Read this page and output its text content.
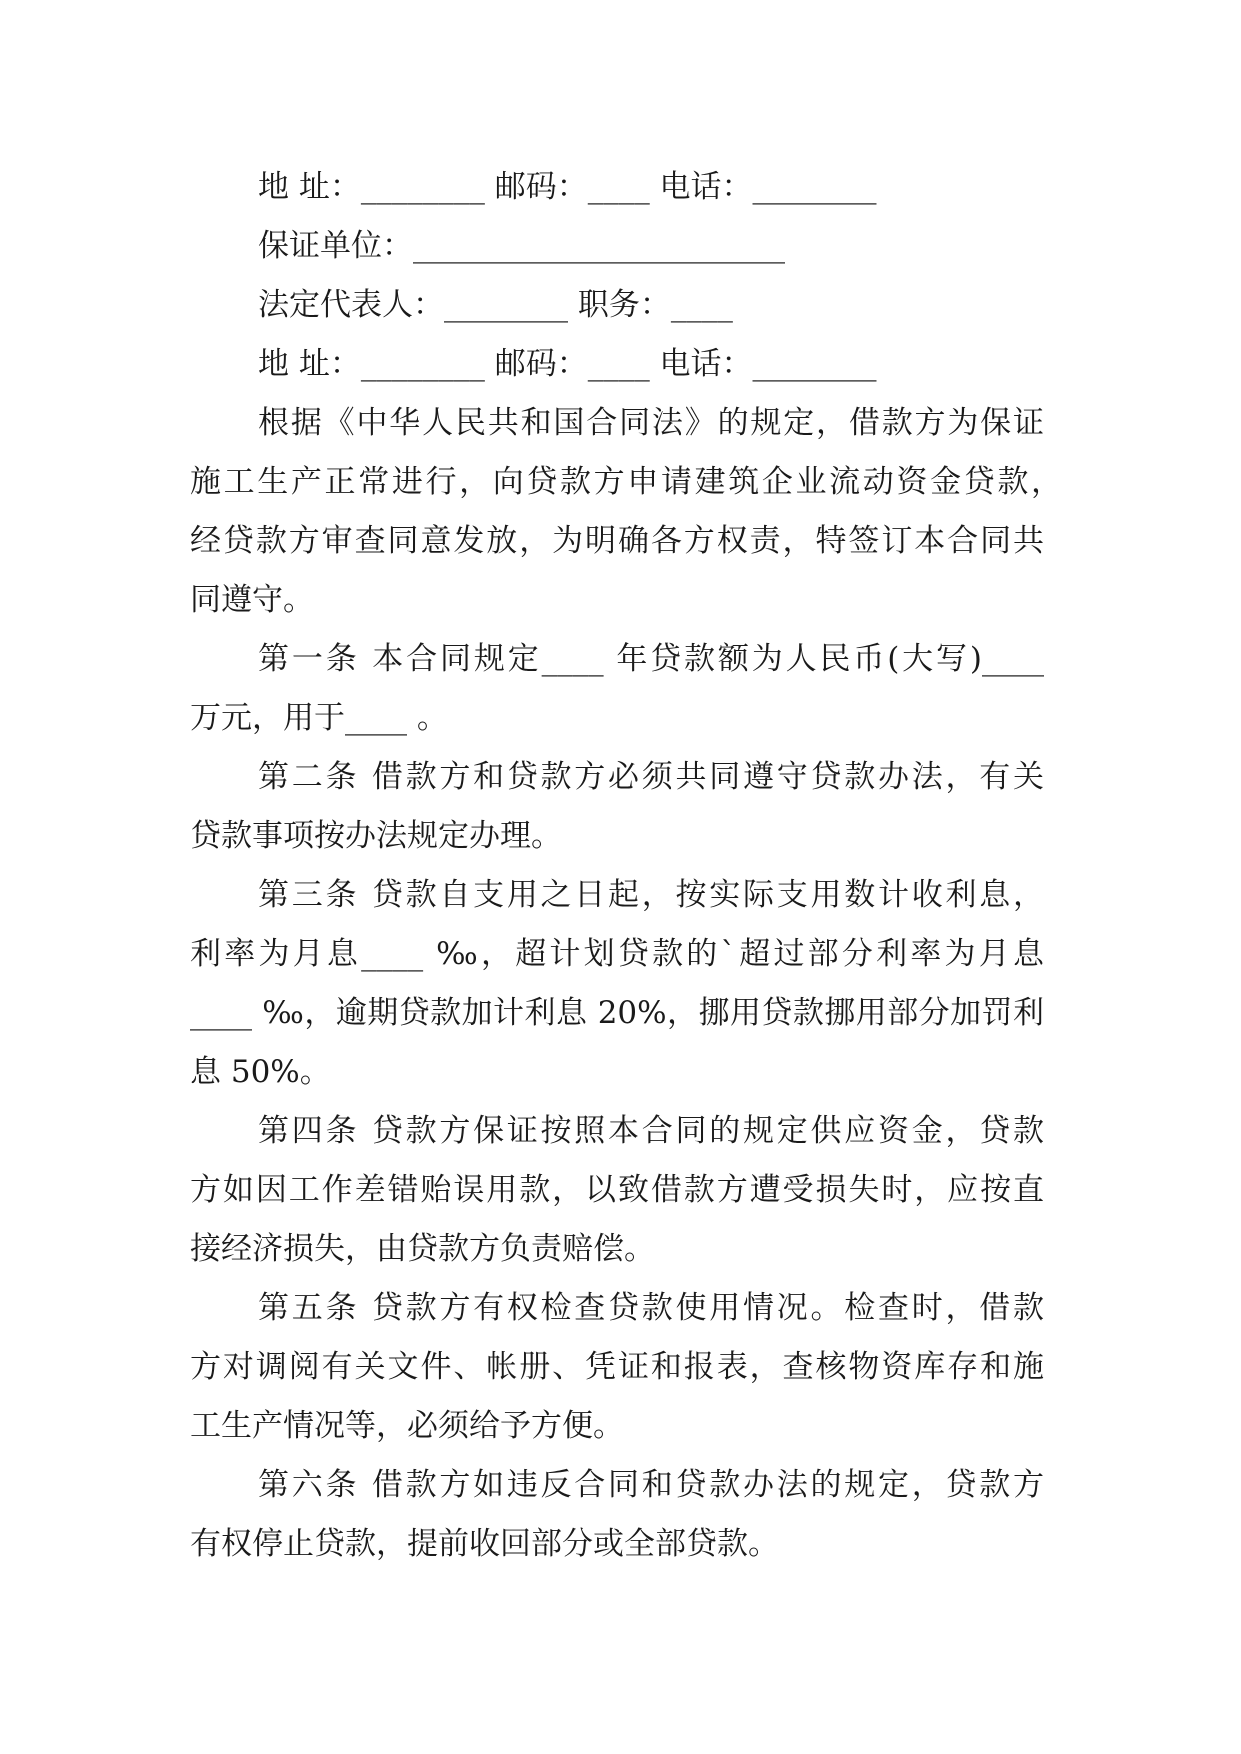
地 址：________ 邮码：____ 电话：________
保证单位：________________________
法定代表人：________ 职务：____
地 址：________ 邮码：____ 电话：________
根据《中华人民共和国合同法》的规定，借款方为保证
施工生产正常进行，向贷款方申请建筑企业流动资金贷款，
经贷款方审查同意发放，为明确各方权责，特签订本合同共
同遵守。
第一条 本合同规定____ 年贷款额为人民币(大写)____
万元，用于____ 。
第二条 借款方和贷款方必须共同遵守贷款办法，有关
贷款事项按办法规定办理。
第三条 贷款自支用之日起，按实际支用数计收利息，
利率为月息____ ‰，超计划贷款的`超过部分利率为月息
____ ‰，逾期贷款加计利息 20%，挪用贷款挪用部分加罚利
息 50%。
第四条 贷款方保证按照本合同的规定供应资金，贷款
方如因工作差错贻误用款，以致借款方遭受损失时，应按直
接经济损失，由贷款方负责赔偿。
第五条 贷款方有权检查贷款使用情况。检查时，借款
方对调阅有关文件、帐册、凭证和报表，查核物资库存和施
工生产情况等，必须给予方便。
第六条 借款方如违反合同和贷款办法的规定，贷款方
有权停止贷款，提前收回部分或全部贷款。
